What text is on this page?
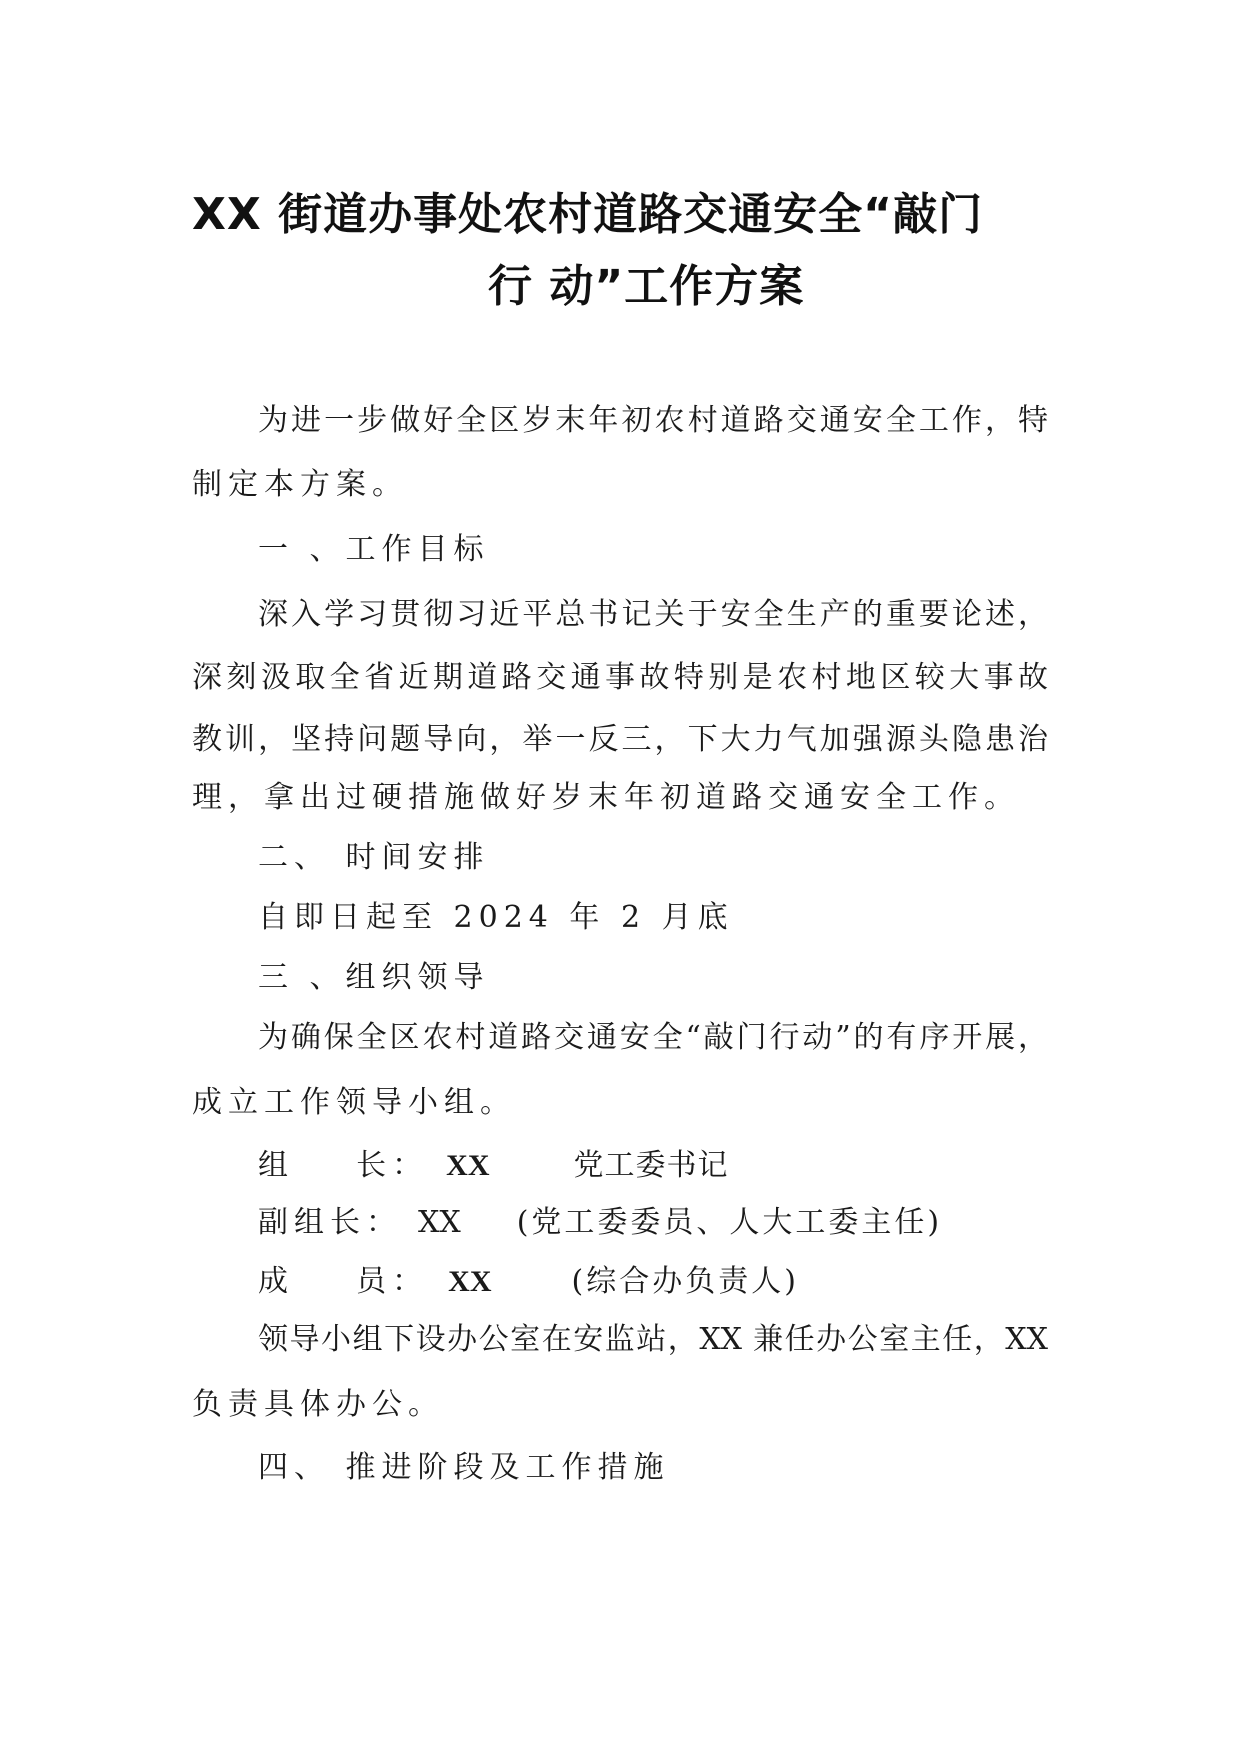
XX 街道办事处农村道路交通安全“敲门
行 动”工作方案
为进一步做好全区岁末年初农村道路交通安全工作，特
制定本方案。
一 、工作目标
深入学习贯彻习近平总书记关于安全生产的重要论述，
深刻汲取全省近期道路交通事故特别是农村地区较大事故
教训，坚持问题导向，举一反三，下大力气加强源头隐患治
理，拿出过硬措施做好岁末年初道路交通安全工作。
二、 时间安排
自即日起至 2024 年 2 月底
三 、组织领导
为确保全区农村道路交通安全“敲门行动”的有序开展，
成立工作领导小组。
组    长： XX	党工委书记
副组长： XX (党工委委员、人大工委主任)
成    员： XX	(综合办负责人)
领导小组下设办公室在安监站，XX 兼任办公室主任，XX
负责具体办公。
四、 推进阶段及工作措施
